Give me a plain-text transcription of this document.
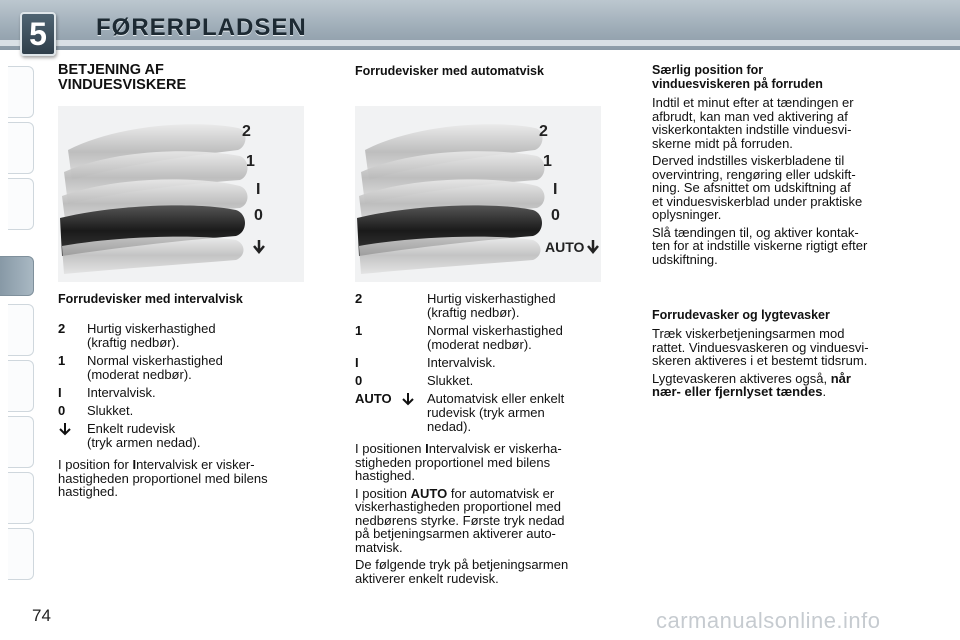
5	FØRERPLADSEN
BETJENING AF
VINDUESVISKERE
2
1
I
0
Forrudevisker med intervalvisk
2 Hurtig viskerhastighed
(kraftig nedbør).
1 Normal viskerhastighed
(moderat nedbør).
I Intervalvisk.
0 Slukket.
Enkelt rudevisk
(tryk armen nedad).
I position for Intervalvisk er visker-
hastigheden proportionel med bilens
hastighed.
Forrudevisker med automatvisk
2
1
I
0
AUTO
2	Hurtig viskerhastighed
(kraftig nedbør).
1	Normal viskerhastighed
(moderat nedbør).
I	Intervalvisk.
0	Slukket.
AUTO	Automatvisk eller enkelt
rudevisk (tryk armen
nedad).
I positionen Intervalvisk er viskerha-
stigheden proportionel med bilens
hastighed.
I position AUTO for automatvisk er
viskerhastigheden proportionel med
nedbørens styrke. Første tryk nedad
på betjeningsarmen aktiverer auto-
matvisk.
De følgende tryk på betjeningsarmen
aktiverer enkelt rudevisk.
Særlig position for
vinduesviskeren på forruden
Indtil et minut efter at tændingen er
afbrudt, kan man ved aktivering af
viskerkontakten indstille vinduesvi-
skerne midt på forruden.
Derved indstilles viskerbladene til
overvintring, rengøring eller udskift-
ning. Se afsnittet om udskiftning af
et vinduesviskerblad under praktiske
oplysninger.
Slå tændingen til, og aktiver kontak-
ten for at indstille viskerne rigtigt efter
udskiftning.
Forrudevasker og lygtevasker
Træk viskerbetjeningsarmen mod
rattet. Vinduesvaskeren og vinduesvi-
skeren aktiveres i et bestemt tidsrum.
Lygtevaskeren aktiveres også, når
nær- eller fjernlyset tændes.
74	carmanualsonline.info
